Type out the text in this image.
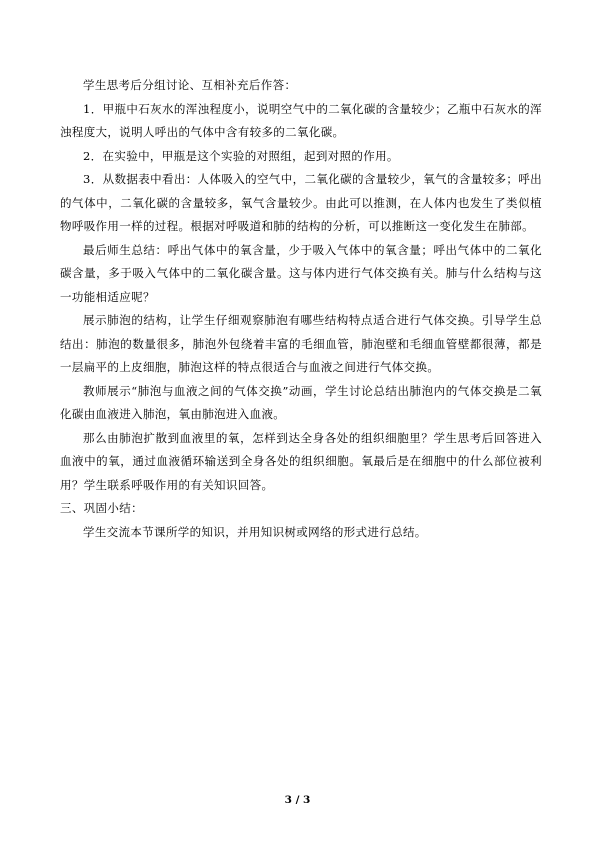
学生思考后分组讨论、互相补充后作答：

1．甲瓶中石灰水的浑浊程度小，说明空气中的二氧化碳的含量较少；乙瓶中石灰水的浑浊程度大，说明人呼出的气体中含有较多的二氧化碳。

2．在实验中，甲瓶是这个实验的对照组，起到对照的作用。

3．从数据表中看出：人体吸入的空气中，二氧化碳的含量较少，氧气的含量较多；呼出的气体中，二氧化碳的含量较多，氧气含量较少。由此可以推测，在人体内也发生了类似植物呼吸作用一样的过程。根据对呼吸道和肺的结构的分析，可以推断这一变化发生在肺部。

最后师生总结：呼出气体中的氧含量，少于吸入气体中的氧含量；呼出气体中的二氧化碳含量，多于吸入气体中的二氧化碳含量。这与体内进行气体交换有关。肺与什么结构与这一功能相适应呢？

展示肺泡的结构，让学生仔细观察肺泡有哪些结构特点适合进行气体交换。引导学生总结出：肺泡的数量很多，肺泡外包绕着丰富的毛细血管，肺泡壁和毛细血管壁都很薄，都是一层扁平的上皮细胞，肺泡这样的特点很适合与血液之间进行气体交换。

教师展示“肺泡与血液之间的气体交换”动画，学生讨论总结出肺泡内的气体交换是二氧化碳由血液进入肺泡，氧由肺泡进入血液。

那么由肺泡扩散到血液里的氧，怎样到达全身各处的组织细胞里？学生思考后回答进入血液中的氧，通过血液循环输送到全身各处的组织细胞。氧最后是在细胞中的什么部位被利用？学生联系呼吸作用的有关知识回答。

三、巩固小结：

学生交流本节课所学的知识，并用知识树或网络的形式进行总结。

3 / 3
